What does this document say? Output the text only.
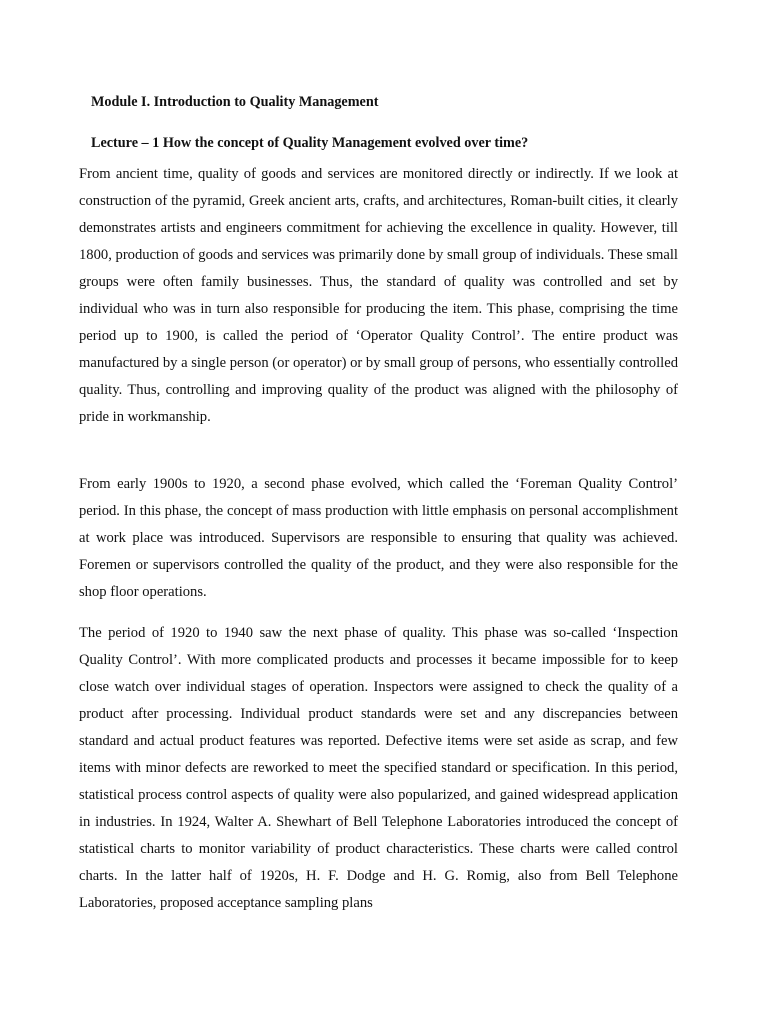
Module I. Introduction to Quality Management
Lecture – 1 How the concept of Quality Management evolved over time?

From ancient time, quality of goods and services are monitored directly or indirectly. If we look at construction of the pyramid, Greek ancient arts, crafts, and architectures, Roman-built cities, it clearly demonstrates artists and engineers commitment for achieving the excellence in quality. However, till 1800, production of goods and services was primarily done by small group of individuals. These small groups were often family businesses. Thus, the standard of quality was controlled and set by individual who was in turn also responsible for producing the item. This phase, comprising the time period up to 1900, is called the period of ‘Operator Quality Control’. The entire product was manufactured by a single person (or operator) or by small group of persons, who essentially controlled quality. Thus, controlling and improving quality of the product was aligned with the philosophy of pride in workmanship.

From early 1900s to 1920, a second phase evolved, which called the ‘Foreman Quality Control’ period. In this phase, the concept of mass production with little emphasis on personal accomplishment at work place was introduced. Supervisors are responsible to ensuring that quality was achieved. Foremen or supervisors controlled the quality of the product, and they were also responsible for the shop floor operations.

The period of 1920 to 1940 saw the next phase of quality. This phase was so-called ‘Inspection Quality Control’. With more complicated products and processes it became impossible for to keep close watch over individual stages of operation. Inspectors were assigned to check the quality of a product after processing. Individual product standards were set and any discrepancies between standard and actual product features was reported. Defective items were set aside as scrap, and few items with minor defects are reworked to meet the specified standard or specification. In this period, statistical process control aspects of quality were also popularized, and gained widespread application in industries. In 1924, Walter A. Shewhart of Bell Telephone Laboratories introduced the concept of statistical charts to monitor variability of product characteristics. These charts were called control charts. In the latter half of 1920s, H. F. Dodge and H. G. Romig, also from Bell Telephone Laboratories, proposed acceptance sampling plans
